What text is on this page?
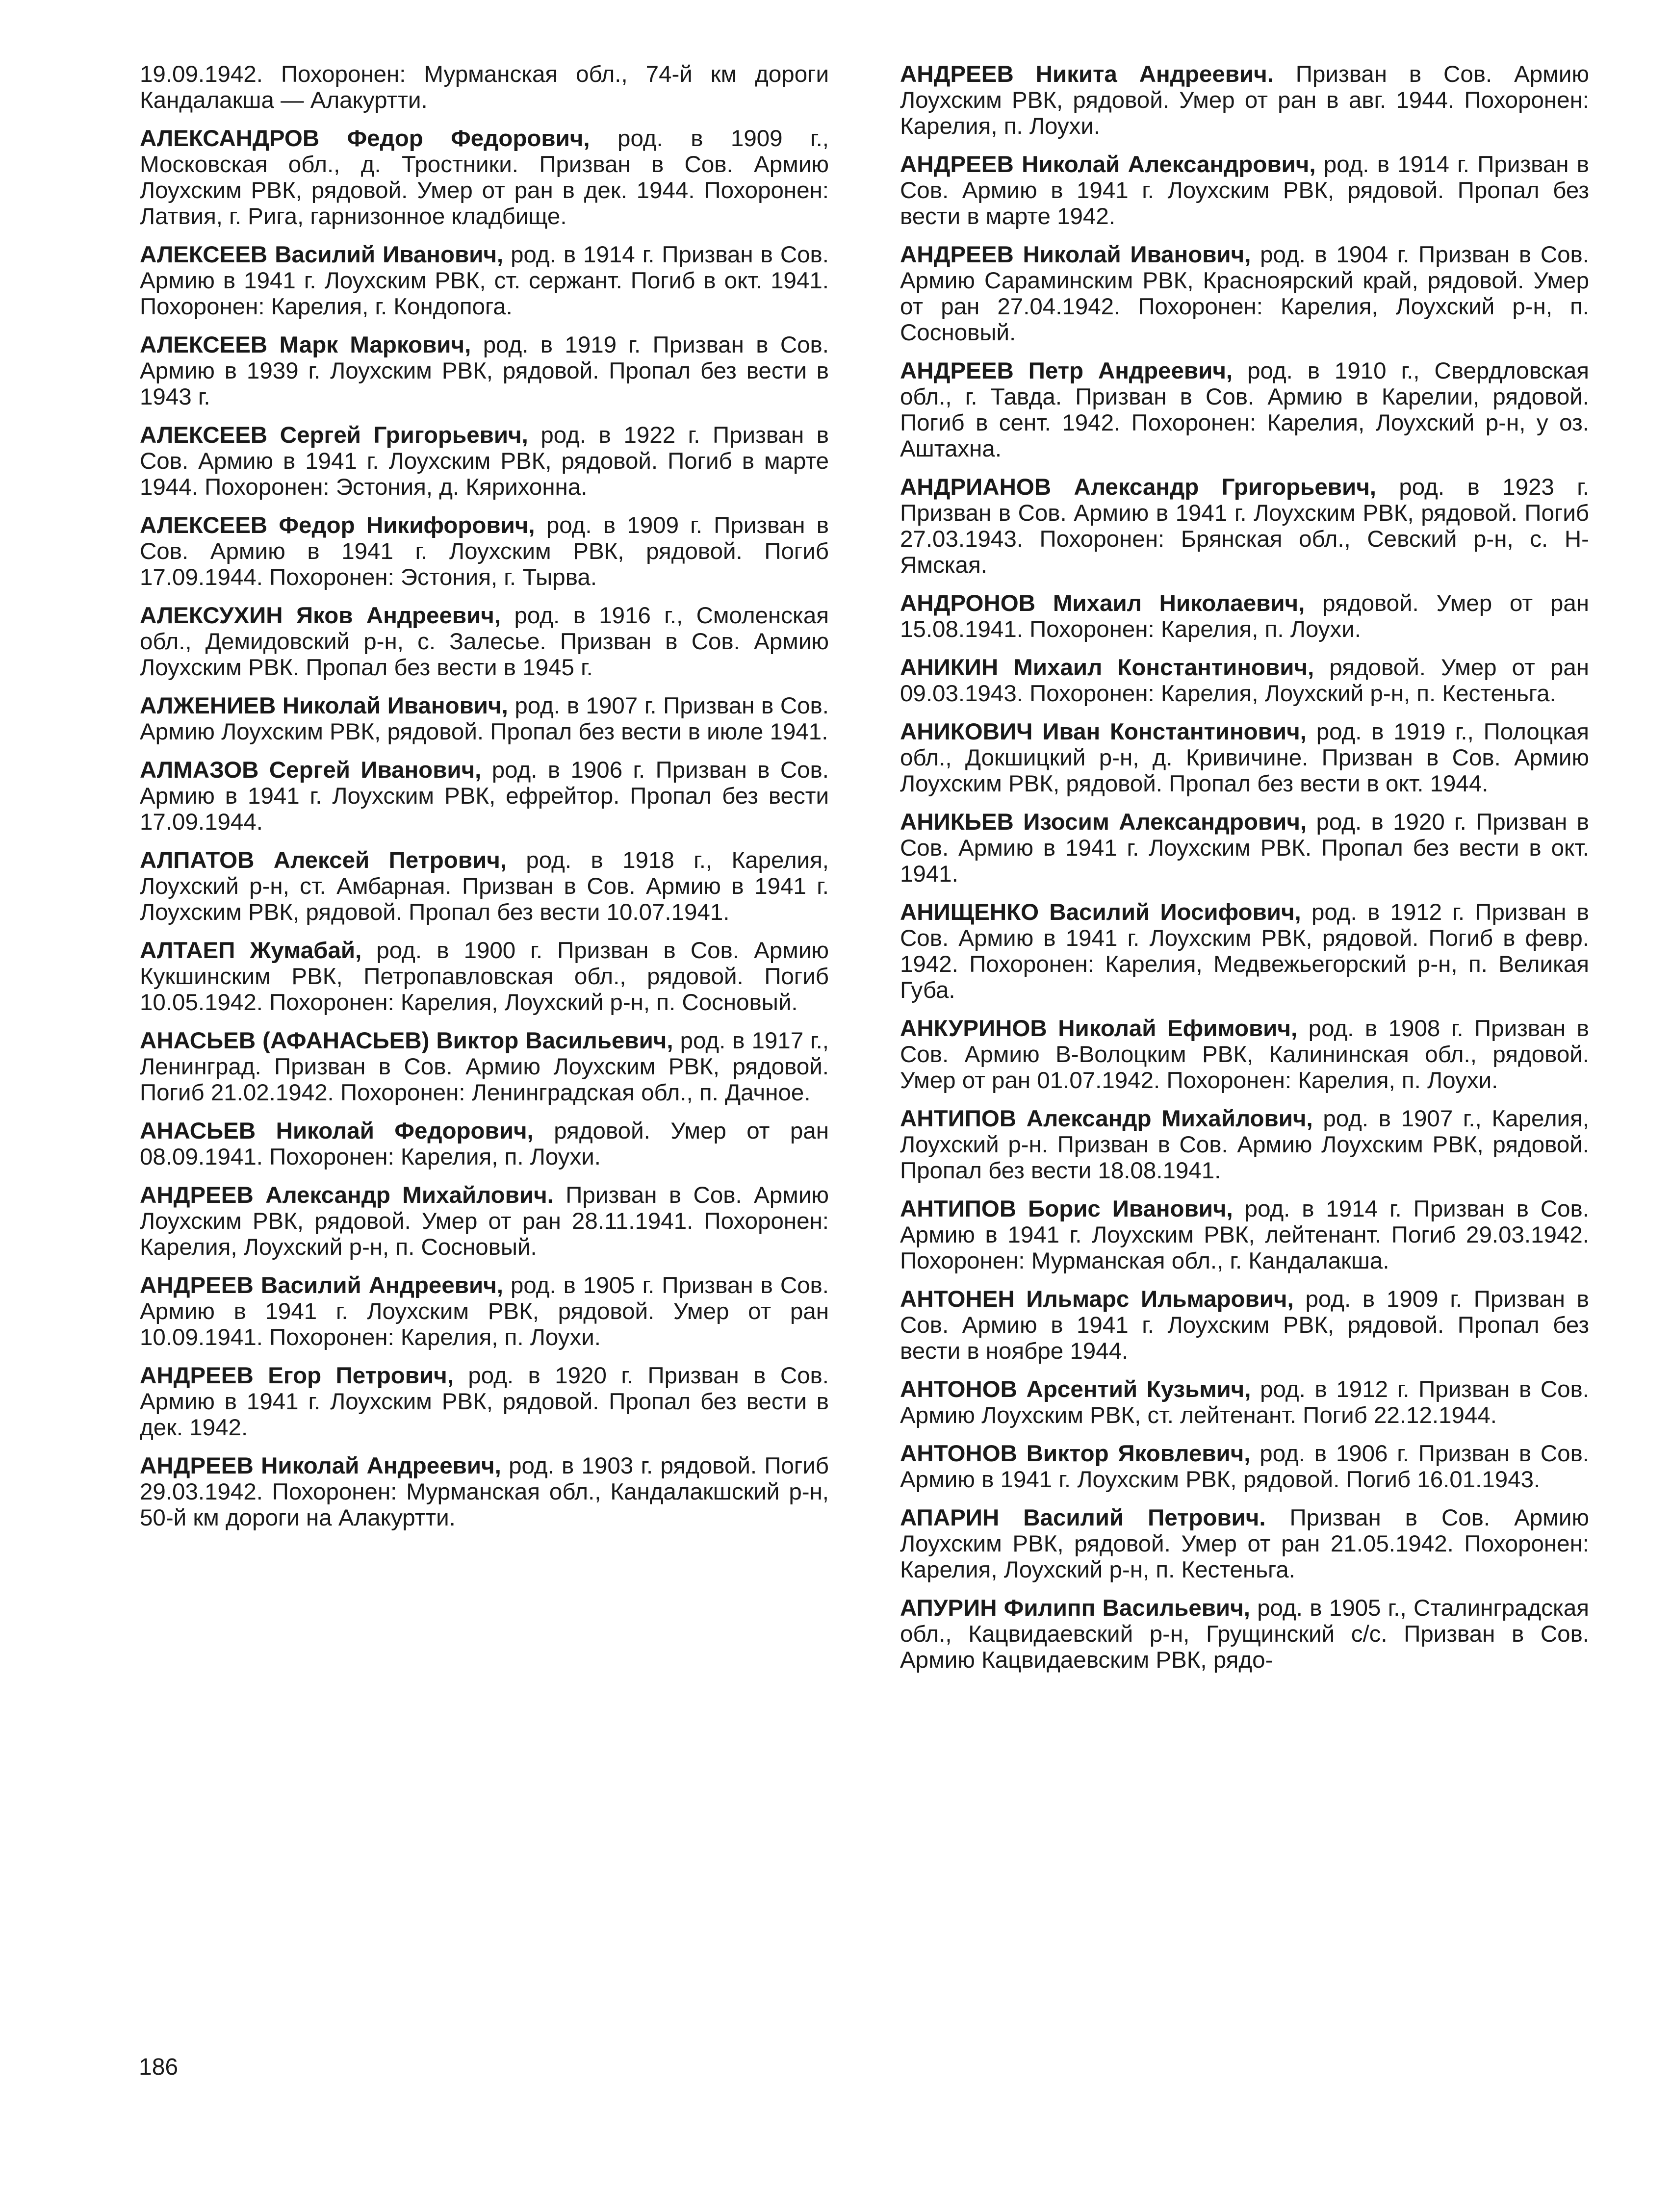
19.09.1942. Похоронен: Мурманская обл., 74-й км дороги Кандалакша — Алакуртти.

АЛЕКСАНДРОВ Федор Федорович, род. в 1909 г., Московская обл., д. Тростники. Призван в Сов. Армию Лоухским РВК, рядовой. Умер от ран в дек. 1944. Похоронен: Латвия, г. Рига, гарнизонное кладбище.

АЛЕКСЕЕВ Василий Иванович, род. в 1914 г. Призван в Сов. Армию в 1941 г. Лоухским РВК, ст. сержант. Погиб в окт. 1941. Похоронен: Карелия, г. Кондопога.

АЛЕКСЕЕВ Марк Маркович, род. в 1919 г. Призван в Сов. Армию в 1939 г. Лоухским РВК, рядовой. Пропал без вести в 1943 г.

АЛЕКСЕЕВ Сергей Григорьевич, род. в 1922 г. Призван в Сов. Армию в 1941 г. Лоухским РВК, рядовой. Погиб в марте 1944. Похоронен: Эстония, д. Кярихонна.

АЛЕКСЕЕВ Федор Никифорович, род. в 1909 г. Призван в Сов. Армию в 1941 г. Лоухским РВК, рядовой. Погиб 17.09.1944. Похоронен: Эстония, г. Тырва.

АЛЕКСУХИН Яков Андреевич, род. в 1916 г., Смоленская обл., Демидовский р-н, с. Залесье. Призван в Сов. Армию Лоухским РВК. Пропал без вести в 1945 г.

АЛЖЕНИЕВ Николай Иванович, род. в 1907 г. Призван в Сов. Армию Лоухским РВК, рядовой. Пропал без вести в июле 1941.

АЛМАЗОВ Сергей Иванович, род. в 1906 г. Призван в Сов. Армию в 1941 г. Лоухским РВК, ефрейтор. Пропал без вести 17.09.1944.

АЛПАТОВ Алексей Петрович, род. в 1918 г., Карелия, Лоухский р-н, ст. Амбарная. Призван в Сов. Армию в 1941 г. Лоухским РВК, рядовой. Пропал без вести 10.07.1941.

АЛТАЕП Жумабай, род. в 1900 г. Призван в Сов. Армию Кукшинским РВК, Петропавловская обл., рядовой. Погиб 10.05.1942. Похоронен: Карелия, Лоухский р-н, п. Сосновый.

АНАСЬЕВ (АФАНАСЬЕВ) Виктор Васильевич, род. в 1917 г., Ленинград. Призван в Сов. Армию Лоухским РВК, рядовой. Погиб 21.02.1942. Похоронен: Ленинградская обл., п. Дачное.

АНАСЬЕВ Николай Федорович, рядовой. Умер от ран 08.09.1941. Похоронен: Карелия, п. Лоухи.

АНДРЕЕВ Александр Михайлович. Призван в Сов. Армию Лоухским РВК, рядовой. Умер от ран 28.11.1941. Похоронен: Карелия, Лоухский р-н, п. Сосновый.

АНДРЕЕВ Василий Андреевич, род. в 1905 г. Призван в Сов. Армию в 1941 г. Лоухским РВК, рядовой. Умер от ран 10.09.1941. Похоронен: Карелия, п. Лоухи.

АНДРЕЕВ Егор Петрович, род. в 1920 г. Призван в Сов. Армию в 1941 г. Лоухским РВК, рядовой. Пропал без вести в дек. 1942.

АНДРЕЕВ Николай Андреевич, род. в 1903 г. рядовой. Погиб 29.03.1942. Похоронен: Мурманская обл., Кандалакшский р-н, 50-й км дороги на Алакуртти.

АНДРЕЕВ Никита Андреевич. Призван в Сов. Армию Лоухским РВК, рядовой. Умер от ран в авг. 1944. Похоронен: Карелия, п. Лоухи.

АНДРЕЕВ Николай Александрович, род. в 1914 г. Призван в Сов. Армию в 1941 г. Лоухским РВК, рядовой. Пропал без вести в марте 1942.

АНДРЕЕВ Николай Иванович, род. в 1904 г. Призван в Сов. Армию Сараминским РВК, Красноярский край, рядовой. Умер от ран 27.04.1942. Похоронен: Карелия, Лоухский р-н, п. Сосновый.

АНДРЕЕВ Петр Андреевич, род. в 1910 г., Свердловская обл., г. Тавда. Призван в Сов. Армию в Карелии, рядовой. Погиб в сент. 1942. Похоронен: Карелия, Лоухский р-н, у оз. Аштахна.

АНДРИАНОВ Александр Григорьевич, род. в 1923 г. Призван в Сов. Армию в 1941 г. Лоухским РВК, рядовой. Погиб 27.03.1943. Похоронен: Брянская обл., Севский р-н, с. Н-Ямская.

АНДРОНОВ Михаил Николаевич, рядовой. Умер от ран 15.08.1941. Похоронен: Карелия, п. Лоухи.

АНИКИН Михаил Константинович, рядовой. Умер от ран 09.03.1943. Похоронен: Карелия, Лоухский р-н, п. Кестеньга.

АНИКОВИЧ Иван Константинович, род. в 1919 г., Полоцкая обл., Докшицкий р-н, д. Кривичине. Призван в Сов. Армию Лоухским РВК, рядовой. Пропал без вести в окт. 1944.

АНИКЬЕВ Изосим Александрович, род. в 1920 г. Призван в Сов. Армию в 1941 г. Лоухским РВК. Пропал без вести в окт. 1941.

АНИЩЕНКО Василий Иосифович, род. в 1912 г. Призван в Сов. Армию в 1941 г. Лоухским РВК, рядовой. Погиб в февр. 1942. Похоронен: Карелия, Медвежьегорский р-н, п. Великая Губа.

АНКУРИНОВ Николай Ефимович, род. в 1908 г. Призван в Сов. Армию В-Волоцким РВК, Калининская обл., рядовой. Умер от ран 01.07.1942. Похоронен: Карелия, п. Лоухи.

АНТИПОВ Александр Михайлович, род. в 1907 г., Карелия, Лоухский р-н. Призван в Сов. Армию Лоухским РВК, рядовой. Пропал без вести 18.08.1941.

АНТИПОВ Борис Иванович, род. в 1914 г. Призван в Сов. Армию в 1941 г. Лоухским РВК, лейтенант. Погиб 29.03.1942. Похоронен: Мурманская обл., г. Кандалакша.

АНТОНЕН Ильмарс Ильмарович, род. в 1909 г. Призван в Сов. Армию в 1941 г. Лоухским РВК, рядовой. Пропал без вести в ноябре 1944.

АНТОНОВ Арсентий Кузьмич, род. в 1912 г. Призван в Сов. Армию Лоухским РВК, ст. лейтенант. Погиб 22.12.1944.

АНТОНОВ Виктор Яковлевич, род. в 1906 г. Призван в Сов. Армию в 1941 г. Лоухским РВК, рядовой. Погиб 16.01.1943.

АПАРИН Василий Петрович. Призван в Сов. Армию Лоухским РВК, рядовой. Умер от ран 21.05.1942. Похоронен: Карелия, Лоухский р-н, п. Кестеньга.

АПУРИН Филипп Васильевич, род. в 1905 г., Сталинградская обл., Кацвидаевский р-н, Грущинский с/с. Призван в Сов. Армию Кацвидаевским РВК, рядо-

186
